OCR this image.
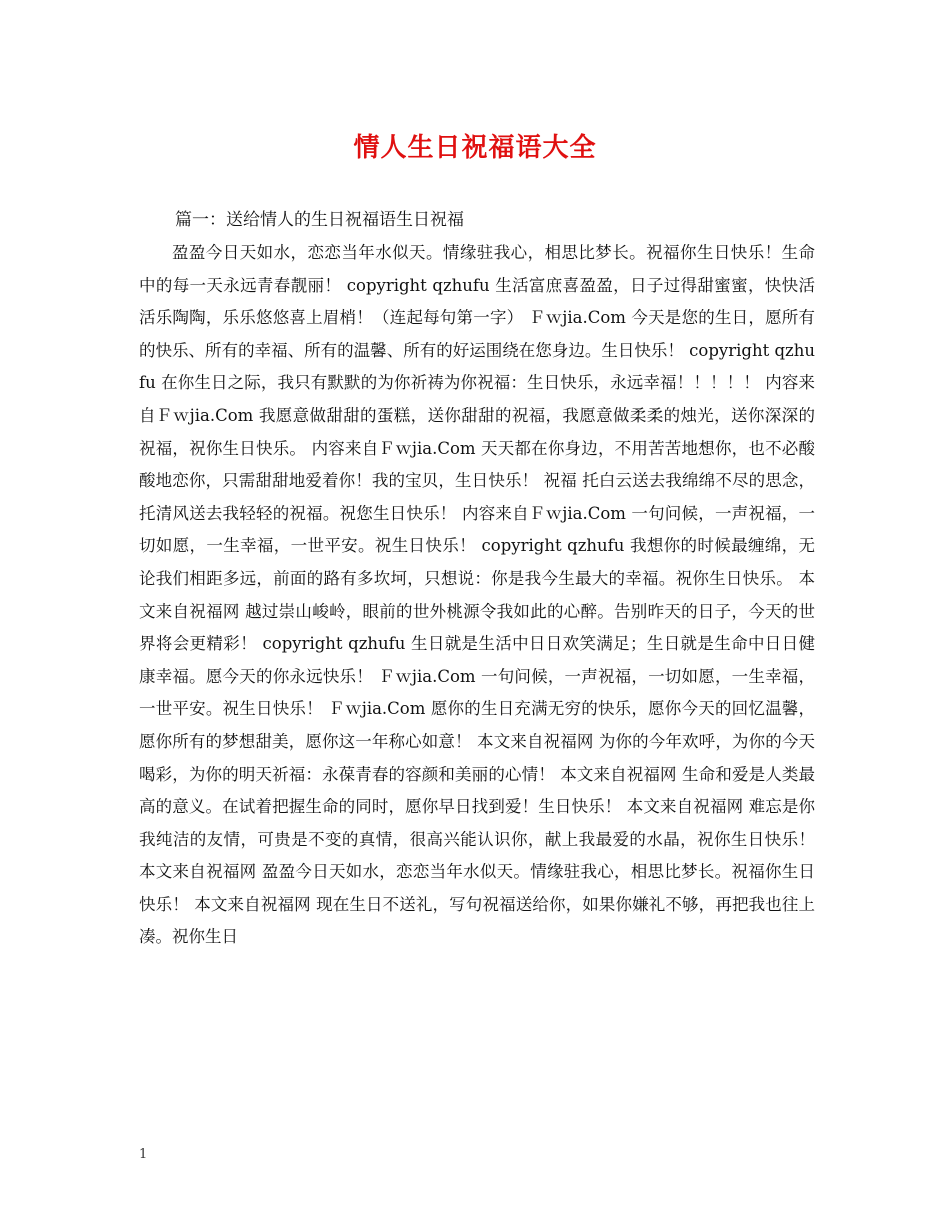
情人生日祝福语大全

篇一：送给情人的生日祝福语生日祝福

盈盈今日天如水，恋恋当年水似天。情缘驻我心，相思比梦长。祝福你生日快乐！生命中的每一天永远青春靓丽！ copyright qzhufu 生活富庶喜盈盈，日子过得甜蜜蜜，快快活活乐陶陶，乐乐悠悠喜上眉梢！（连起每句第一字） Ｆｗjia.Com 今天是您的生日，愿所有的快乐、所有的幸福、所有的温馨、所有的好运围绕在您身边。生日快乐！ copyright qzhufu 在你生日之际，我只有默默的为你祈祷为你祝福：生日快乐，永远幸福！！！！！ 内容来自Ｆｗjia.Com 我愿意做甜甜的蛋糕，送你甜甜的祝福，我愿意做柔柔的烛光，送你深深的祝福，祝你生日快乐。 内容来自Ｆｗjia.Com 天天都在你身边，不用苦苦地想你，也不必酸酸地恋你，只需甜甜地爱着你！我的宝贝，生日快乐！ 祝福 托白云送去我绵绵不尽的思念，托清风送去我轻轻的祝福。祝您生日快乐！ 内容来自Ｆｗjia.Com 一句问候，一声祝福，一切如愿，一生幸福，一世平安。祝生日快乐！ copyright qzhufu 我想你的时候最缠绵，无论我们相距多远，前面的路有多坎坷，只想说：你是我今生最大的幸福。祝你生日快乐。 本文来自祝福网 越过崇山峻岭，眼前的世外桃源令我如此的心醉。告别昨天的日子，今天的世界将会更精彩！ copyright qzhufu 生日就是生活中日日欢笑满足；生日就是生命中日日健康幸福。愿今天的你永远快乐！ Ｆｗjia.Com 一句问候，一声祝福，一切如愿，一生幸福，一世平安。祝生日快乐！ Ｆｗjia.Com 愿你的生日充满无穷的快乐，愿你今天的回忆温馨，愿你所有的梦想甜美，愿你这一年称心如意！ 本文来自祝福网 为你的今年欢呼，为你的今天喝彩，为你的明天祈福：永葆青春的容颜和美丽的心情！ 本文来自祝福网 生命和爱是人类最高的意义。在试着把握生命的同时，愿你早日找到爱！生日快乐！ 本文来自祝福网 难忘是你我纯洁的友情，可贵是不变的真情，很高兴能认识你，献上我最爱的水晶，祝你生日快乐！本文来自祝福网 盈盈今日天如水，恋恋当年水似天。情缘驻我心，相思比梦长。祝福你生日快乐！ 本文来自祝福网 现在生日不送礼，写句祝福送给你，如果你嫌礼不够，再把我也往上凑。祝你生日

1
